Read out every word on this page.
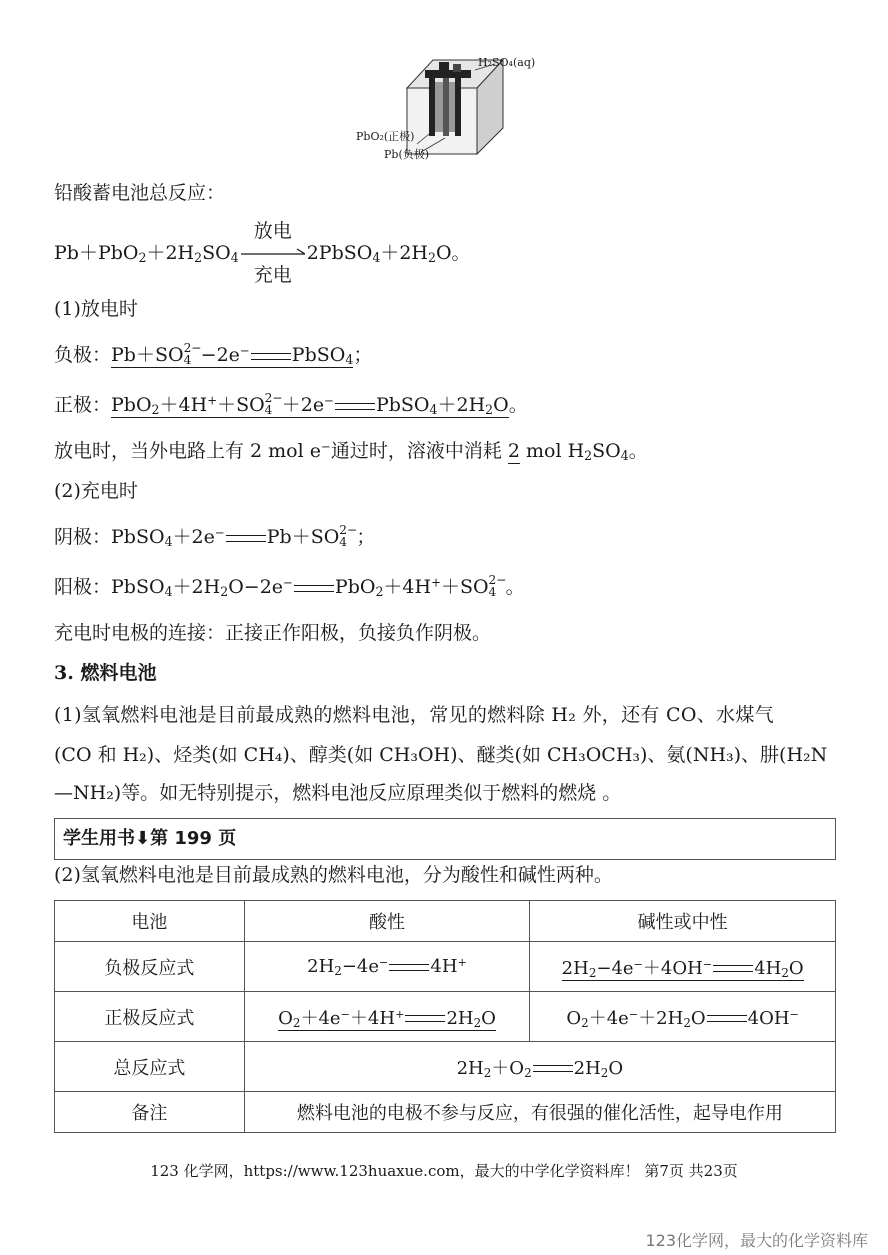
H₂SO₄(aq)
PbO₂(正极)
Pb(负极)
铅酸蓄电池总反应：
$Pb+PbO_2+2H_2SO_4$
放电
充电
$2PbSO_4+2H_2O$。
(1)放电时
负极：Pb＋SO 2−
4 −2e− PbSO$_4$；
正极：PbO$_2$＋4H+＋SO 2−
4 ＋2e− $PbSO_4+2H_2O$。
放电时，当外电路上有 2 mol e−通过时，溶液中消耗 2 mol $H_2SO_4$。
(2)充电时
阴极：PbSO$_4$＋2e− Pb＋SO 2−
4 ；
阳极：$PbSO_4+2H_2O-2e^-$ PbO$_2$＋4H+＋SO 2−
4 。
充电时电极的连接：正接正作阳极，负接负作阴极。
3. 燃料电池
(1)氢氧燃料电池是目前最成熟的燃料电池，常见的燃料除 H₂ 外，还有 CO、水煤气
(CO 和 H₂)、烃类(如 CH₄)、醇类(如 CH₃OH)、醚类(如 CH₃OCH₃)、氨(NH₃)、肼(H₂N
—NH₂)等。如无特别提示，燃料电池反应原理类似于燃料的燃烧 。
学生用书⬇第 199 页
(2)氢氧燃料电池是目前最成熟的燃料电池，分为酸性和碱性两种。
电池	酸性	碱性或中性
负极反应式	$2H_2-4e^-$ 4H+	$2H_2-4e^-+4OH^-$ $4H_2O$
正极反应式	$O_2+4e^-+4H^+$ $2H_2O$	$O_2+4e^-+2H_2O$ 4OH−
总反应式	$2H_2+O_2$ $2H_2O$	
备注	燃料电池的电极不参与反应，有很强的催化活性，起导电作用	
123 化学网，https://www.123huaxue.com，最大的中学化学资料库！ 第7页 共23页
123化学网，最大的化学资料库
